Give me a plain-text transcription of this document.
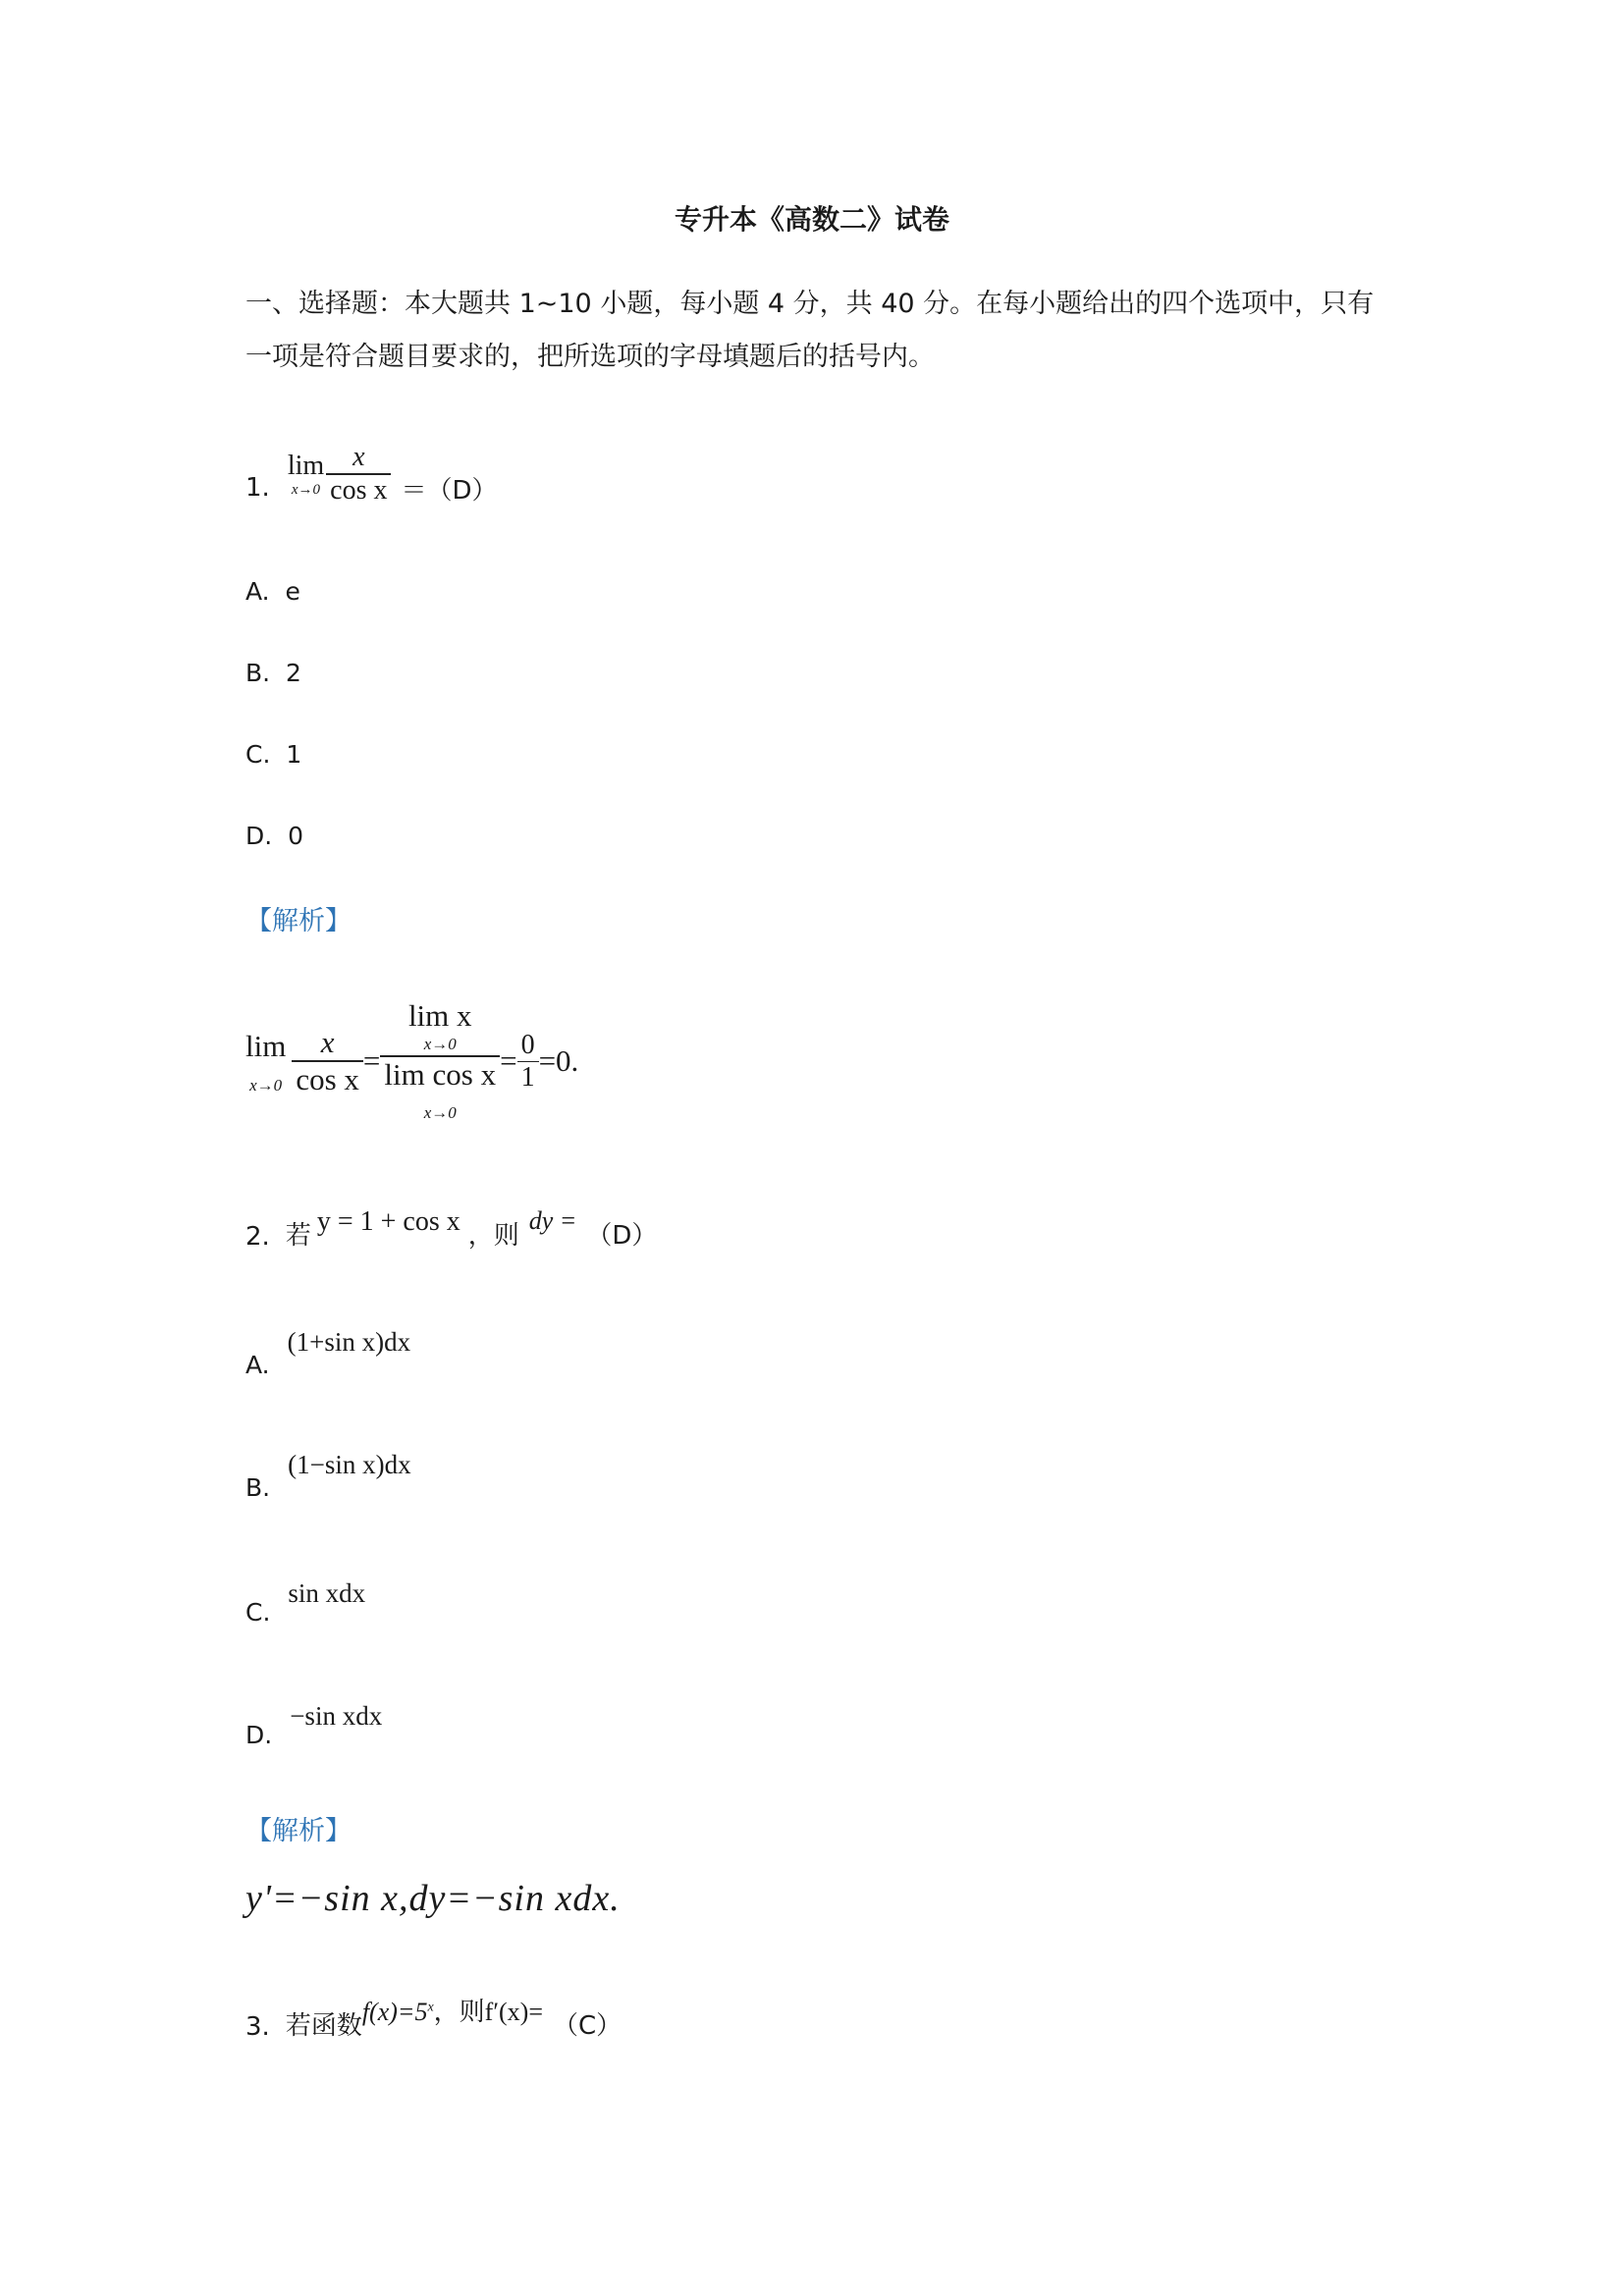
专升本《高数二》试卷
一、选择题：本大题共 1~10 小题，每小题 4 分，共 40 分。在每小题给出的四个选项中，只有一项是符合题目要求的，把所选项的字母填题后的括号内。
1.
lim
$x\to 0 \frac{x}{\text{cos x}} =(D)$
A. e
B. 2
C. 1
D. 0
【解析】
lim
$x\to 0 \frac{x}{\text{cos x}} = \lim x$
x→0
lim cos x
$x\to 0 = \frac{0}{1} =0$.
2. 若 y = 1 + cos x ，则
dy =
（D）
A.
(1+sin x)dx
B.
(1−sin x)dx
C.
sin xdx
D.
−sin xdx
【解析】
y'=−sin x,dy=−sin xdx.
3. 若函数 $f(x)=5^x$，则f′(x)= （C）
